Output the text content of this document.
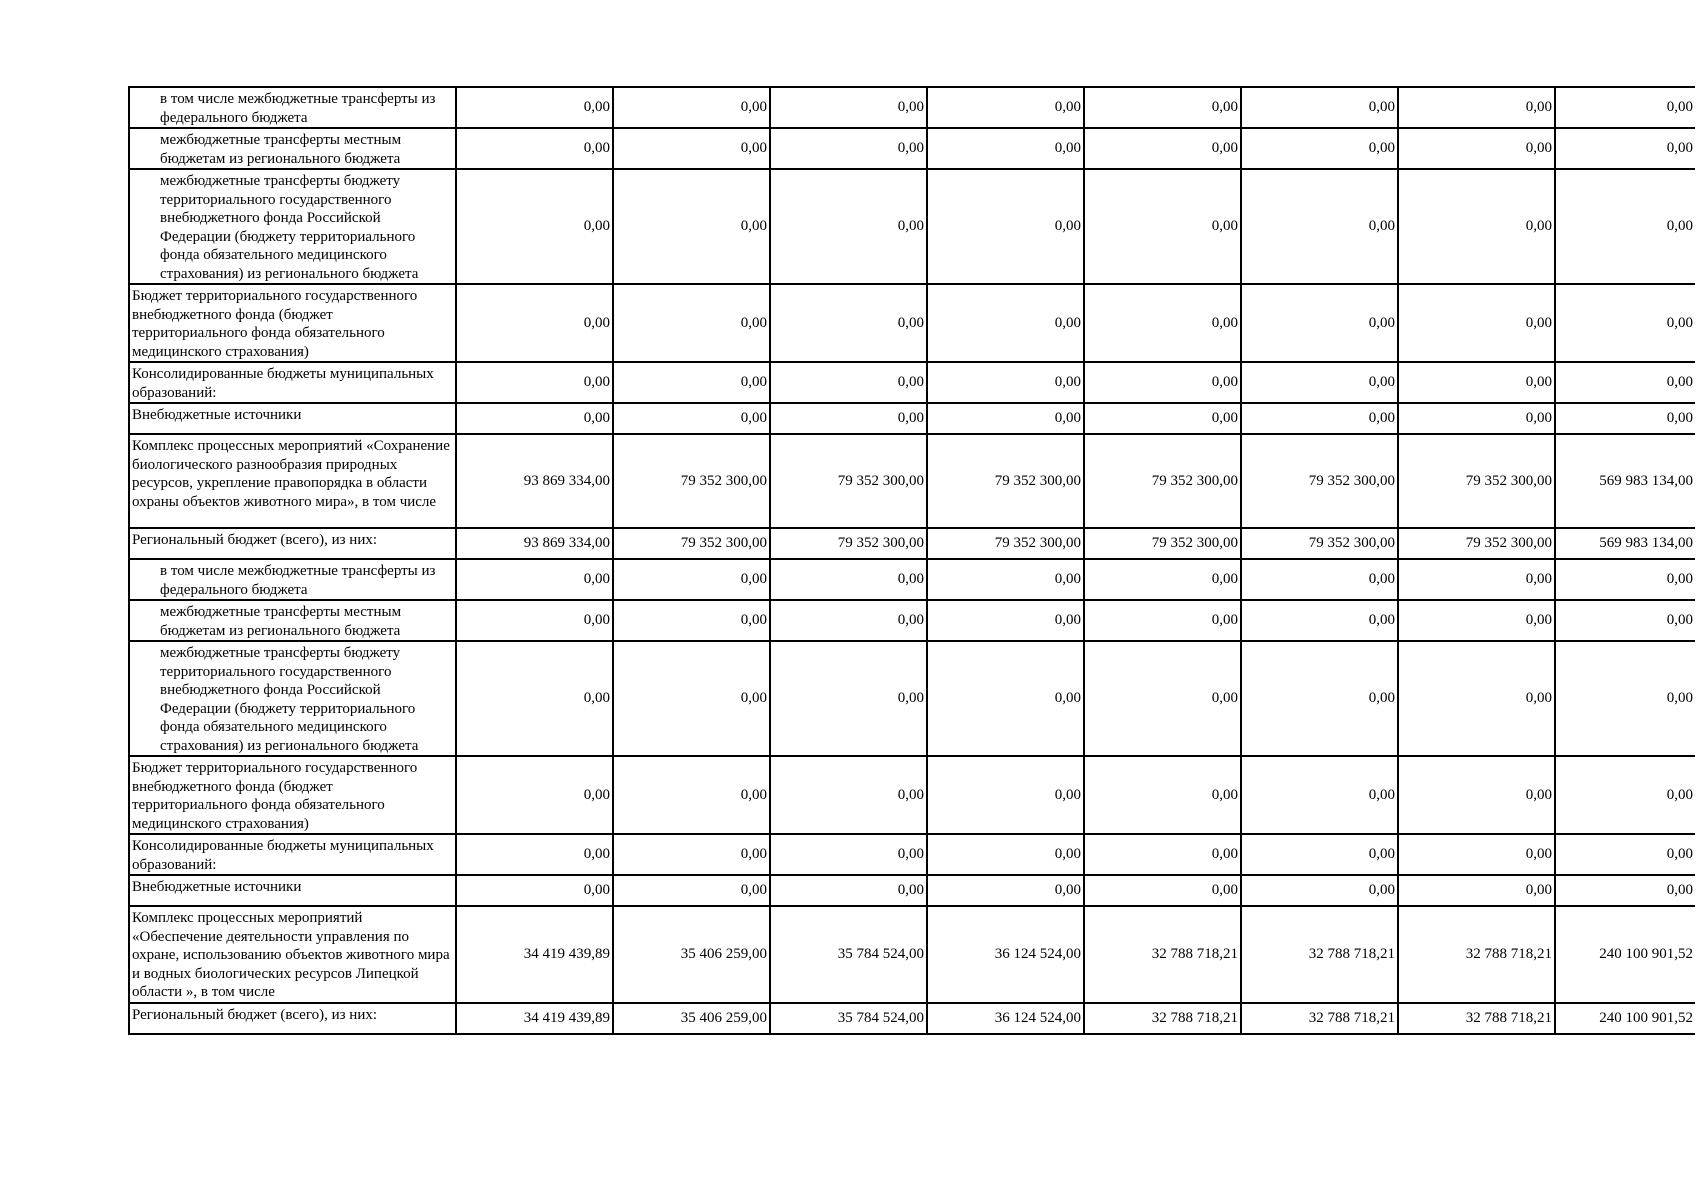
в том числе межбюджетные трансферты из федерального бюджета	0,00	0,00	0,00	0,00	0,00	0,00	0,00	0,00
межбюджетные трансферты местным бюджетам из регионального бюджета	0,00	0,00	0,00	0,00	0,00	0,00	0,00	0,00
межбюджетные трансферты бюджету территориального государственного внебюджетного фонда Российской Федерации (бюджету территориального фонда обязательного медицинского страхования) из регионального бюджета	0,00	0,00	0,00	0,00	0,00	0,00	0,00	0,00
Бюджет территориального государственного внебюджетного фонда (бюджет территориального фонда обязательного медицинского страхования)	0,00	0,00	0,00	0,00	0,00	0,00	0,00	0,00
Консолидированные бюджеты муниципальных образований:	0,00	0,00	0,00	0,00	0,00	0,00	0,00	0,00
Внебюджетные источники	0,00	0,00	0,00	0,00	0,00	0,00	0,00	0,00
Комплекс процессных мероприятий «Сохранение биологического разнообразия природных ресурсов, укрепление правопорядка в области охраны объектов животного мира», в том числе	93 869 334,00	79 352 300,00	79 352 300,00	79 352 300,00	79 352 300,00	79 352 300,00	79 352 300,00	569 983 134,00
Региональный бюджет (всего), из них:	93 869 334,00	79 352 300,00	79 352 300,00	79 352 300,00	79 352 300,00	79 352 300,00	79 352 300,00	569 983 134,00
в том числе межбюджетные трансферты из федерального бюджета	0,00	0,00	0,00	0,00	0,00	0,00	0,00	0,00
межбюджетные трансферты местным бюджетам из регионального бюджета	0,00	0,00	0,00	0,00	0,00	0,00	0,00	0,00
межбюджетные трансферты бюджету территориального государственного внебюджетного фонда Российской Федерации (бюджету территориального фонда обязательного медицинского страхования) из регионального бюджета	0,00	0,00	0,00	0,00	0,00	0,00	0,00	0,00
Бюджет территориального государственного внебюджетного фонда (бюджет территориального фонда обязательного медицинского страхования)	0,00	0,00	0,00	0,00	0,00	0,00	0,00	0,00
Консолидированные бюджеты муниципальных образований:	0,00	0,00	0,00	0,00	0,00	0,00	0,00	0,00
Внебюджетные источники	0,00	0,00	0,00	0,00	0,00	0,00	0,00	0,00
Комплекс процессных мероприятий «Обеспечение деятельности управления по охране, использованию объектов животного мира и водных биологических ресурсов Липецкой области », в том числе	34 419 439,89	35 406 259,00	35 784 524,00	36 124 524,00	32 788 718,21	32 788 718,21	32 788 718,21	240 100 901,52
Региональный бюджет (всего), из них:	34 419 439,89	35 406 259,00	35 784 524,00	36 124 524,00	32 788 718,21	32 788 718,21	32 788 718,21	240 100 901,52
